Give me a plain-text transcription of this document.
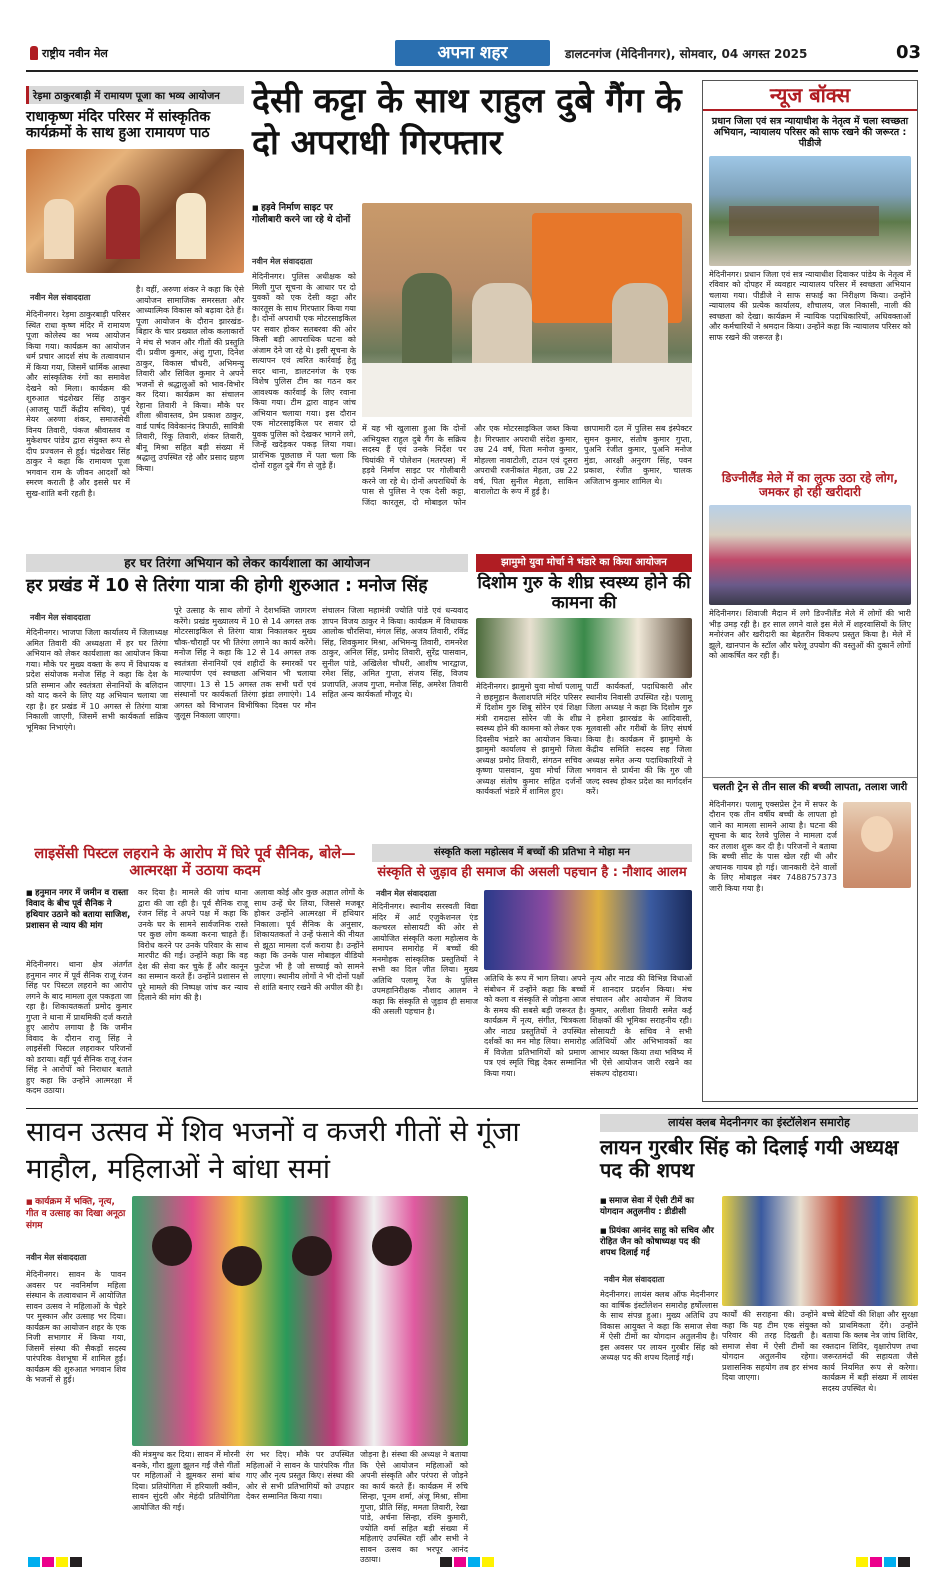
राष्ट्रीय नवीन मेल	अपना शहर	डालटनगंज (मेदिनीनगर), सोमवार, 04 अगस्त 2025	03
रेड़मा ठाकुरबाड़ी में रामायण पूजा का भव्य आयोजन
राधाकृष्ण मंदिर परिसर में सांस्कृतिक कार्यक्रमों के साथ हुआ रामायण पाठ
नवीन मेल संवाददाता
मेदिनीनगर। रेड़मा ठाकुरबाड़ी परिसर स्थित राधा कृष्ण मंदिर में रामायण पूजा कोलेस्य का भव्य आयोजन किया गया। कार्यक्रम का आयोजन धर्म प्रचार आदर्श संघ के तत्वावधान में किया गया, जिसमें धार्मिक आस्था और सांस्कृतिक रंगों का समावेश देखने को मिला। कार्यक्रम की शुरुआत चंद्रशेखर सिंह ठाकुर (आजसू पार्टी केंद्रीय सचिव), पूर्व मेयर अरुणा शंकर, समाजसेवी विनय तिवारी, पंकज श्रीवास्तव व मुकेशचर पांडेय द्वारा संयुक्त रूप से दीप प्रज्वलन से हुई। चंद्रशेखर सिंह ठाकुर ने कहा कि रामायण पूजा भगवान राम के जीवन आदर्शों को स्मरण कराती है और इससे घर में सुख-शांति बनी रहती है।
है। वहीं, अरुणा शंकर ने कहा कि ऐसे आयोजन सामाजिक समरसता और आध्यात्मिक विकास को बढ़ावा देते हैं। पूजा आयोजन के दौरान झारखंड-बिहार के चार प्रख्यात लोक कलाकारों ने मंच से भजन और गीतों की प्रस्तुति दी। प्रवीण कुमार, अंशु गुप्ता, दिनेश ठाकुर, विकास चौधरी, अभिमन्यु तिवारी और सिविल कुमार ने अपने भजनों से श्रद्धालुओं को भाव-विभोर कर दिया। कार्यक्रम का संचालन रेहाना तिवारी ने किया। मौके पर शीला श्रीवास्तव, प्रेम प्रकाश ठाकुर, वार्ड पार्षद विवेकानंद त्रिपाठी, सावित्री तिवारी, रिंकू तिवारी, शंकर तिवारी, बीनू मिश्रा सहित बड़ी संख्या में श्रद्धालु उपस्थित रहे और प्रसाद ग्रहण किया।
देसी कट्टा के साथ राहुल दुबे गैंग के दो अपराधी गिरफ्तार
■ हड़वे निर्माण साइट पर गोलीबारी करने जा रहे थे दोनों
नवीन मेल संवाददाता
मेदिनीनगर। पुलिस अधीक्षक को मिली गुप्त सूचना के आधार पर दो युवकों को एक देसी कट्टा और कारतूस के साथ गिरफ्तार किया गया है। दोनों अपराधी एक मोटरसाइकिल पर सवार होकर सतबरवा की ओर किसी बड़ी आपराधिक घटना को अंजाम देने जा रहे थे। इसी सूचना के सत्यापन एवं त्वरित कार्रवाई हेतु सदर थाना, डालटनगंज के एक विशेष पुलिस टीम का गठन कर आवश्यक कार्रवाई के लिए रवाना किया गया। टीम द्वारा वाहन जांच अभियान चलाया गया। इस दौरान एक मोटरसाइकिल पर सवार दो युवक पुलिस को देखकर भागने लगे, जिन्हें खदेड़कर पकड़ लिया गया। प्रारंभिक पूछताछ में पता चला कि दोनों राहुल दुबे गैंग से जुड़े हैं।
में यह भी खुलासा हुआ कि दोनों अभियुक्त राहुल दुबे गैंग के सक्रिय सदस्य हैं एवं उनके निर्देश पर चियांकी में पोलेशन (मतरपस) में हड़वे निर्माण साइट पर गोलीबारी करने जा रहे थे। दोनों अपराधियों के पास से पुलिस ने एक देसी कट्टा, जिंदा कारतूस, दो मोबाइल फोन और एक मोटरसाइकिल जब्त किया है। गिरफ्तार अपराधी संदेश कुमार, उम्र 24 वर्ष, पिता मनोज कुमार, मोहल्ला नावाटोली, टाउन एवं दूसरा अपराधी रजनीकांत मेहता, उम्र 22 वर्ष, पिता सुनील मेहता, साकिन बारालोटा के रूप में हुई है।
छापामारी दल में पुलिस सब इंस्पेक्टर सुमन कुमार, संतोष कुमार गुप्ता, पुअनि रंजीत कुमार, पुअनि मनोज मुंडा, आरक्षी अनुराग सिंह, पवन प्रकाश, रंजीत कुमार, चालक अजिताभ कुमार शामिल थे।
न्यूज बॉक्स
प्रधान जिला एवं सत्र न्यायाधीश के नेतृत्व में चला स्वच्छता अभियान, न्यायालय परिसर को साफ रखने की जरूरत : पीडीजे
मेदिनीनगर। प्रधान जिला एवं सत्र न्यायाधीश दिवाकर पांडेय के नेतृत्व में रविवार को दोपहर में व्यवहार न्यायालय परिसर में स्वच्छता अभियान चलाया गया। पीडीजे ने साफ सफाई का निरीक्षण किया। उन्होंने न्यायालय की प्रत्येक कार्यालय, शौचालय, जल निकासी, नाली की स्वच्छता को देखा। कार्यक्रम में न्यायिक पदाधिकारियों, अधिवक्ताओं और कर्मचारियों ने श्रमदान किया। उन्होंने कहा कि न्यायालय परिसर को साफ रखने की जरूरत है।
डिज्नीलैंड मेले में का लुत्फ उठा रहे लोग, जमकर हो रही खरीदारी
मेदिनीनगर। शिवाजी मैदान में लगे डिज्नीलैंड मेले में लोगों की भारी भीड़ उमड़ रही है। हर साल लगने वाले इस मेले में शहरवासियों के लिए मनोरंजन और खरीदारी का बेहतरीन विकल्प प्रस्तुत किया है। मेले में झूले, खानपान के स्टॉल और घरेलू उपयोग की वस्तुओं की दुकानें लोगों को आकर्षित कर रही हैं।
चलती ट्रेन से तीन साल की बच्ची लापता, तलाश जारी
मेदिनीनगर। पलामू एक्सप्रेस ट्रेन में सफर के दौरान एक तीन वर्षीय बच्ची के लापता हो जाने का मामला सामने आया है। घटना की सूचना के बाद रेलवे पुलिस ने मामला दर्ज कर तलाश शुरू कर दी है। परिजनों ने बताया कि बच्ची सीट के पास खेल रही थी और अचानक गायब हो गई। जानकारी देने वालों के लिए मोबाइल नंबर 7488757373 जारी किया गया है।
हर घर तिरंगा अभियान को लेकर कार्यशाला का आयोजन
हर प्रखंड में 10 से तिरंगा यात्रा की होगी शुरुआत : मनोज सिंह
नवीन मेल संवाददाता
मेदिनीनगर। भाजपा जिला कार्यालय में जिलाध्यक्ष अमित तिवारी की अध्यक्षता में हर घर तिरंगा अभियान को लेकर कार्यशाला का आयोजन किया गया। मौके पर मुख्य वक्ता के रूप में विधायक व प्रदेश संयोजक मनोज सिंह ने कहा कि देश के प्रति सम्मान और स्वतंत्रता सेनानियों के बलिदान को याद करने के लिए यह अभियान चलाया जा रहा है। हर प्रखंड में 10 अगस्त से तिरंगा यात्रा निकाली जाएगी, जिसमें सभी कार्यकर्ता सक्रिय भूमिका निभाएंगे।
पूरे उत्साह के साथ लोगों ने देशभक्ति जागरण करेंगे। प्रखंड मुख्यालय में 10 से 14 अगस्त तक मोटरसाइकिल से तिरंगा यात्रा निकालकर मुख्य चौक-चौराहों पर भी तिरंगा लगाने का कार्य करेंगे। मनोज सिंह ने कहा कि 12 से 14 अगस्त तक स्वतंत्रता सेनानियों एवं शहीदों के स्मारकों पर माल्यार्पण एवं स्वच्छता अभियान भी चलाया जाएगा। 13 से 15 अगस्त तक सभी घरों एवं संस्थानों पर कार्यकर्ता तिरंगा झंडा लगाएंगे। 14 अगस्त को विभाजन विभीषिका दिवस पर मौन जुलूस निकाला जाएगा।
संचालन जिला महामंत्री ज्योति पांडे एवं धन्यवाद ज्ञापन विजय ठाकुर ने किया। कार्यक्रम में विधायक आलोक चौरसिया, मंगल सिंह, अजय तिवारी, रविंद्र सिंह, शिवकुमार मिश्रा, अभिमन्यु तिवारी, रामनरेश ठाकुर, अनिल सिंह, प्रमोद तिवारी, सुरेंद्र पासवान, सुनील पांडे, अखिलेश चौधरी, आशीष भारद्वाज, रमेश सिंह, अमित गुप्ता, संजय सिंह, विजय प्रजापति, अजय गुप्ता, मनोज सिंह, अमरेश तिवारी सहित अन्य कार्यकर्ता मौजूद थे।
झामुमो युवा मोर्चा ने भंडारे का किया आयोजन
दिशोम गुरु के शीघ्र स्वस्थ्य होने की कामना की
मेदिनीनगर। झामुमो युवा मोर्चा पलामू ने छहमुहान कैलाशपति मंदिर परिसर में दिशोम गुरु शिबू सोरेन एवं शिक्षा मंत्री रामदास सोरेन जी के शीघ्र स्वस्थ्य होने की कामना को लेकर एक दिवसीय भंडारे का आयोजन किया। झामुमो कार्यालय से झामुमो जिला अध्यक्ष प्रमोद तिवारी, संगठन सचिव कृष्णा पासवान, युवा मोर्चा जिला अध्यक्ष संतोष कुमार सहित दर्जनों कार्यकर्ता भंडारे में शामिल हुए।
पार्टी कार्यकर्ता, पदाधिकारी और स्थानीय निवासी उपस्थित रहे। पलामू जिला अध्यक्ष ने कहा कि दिशोम गुरु ने हमेशा झारखंड के आदिवासी, मूलवासी और गरीबों के लिए संघर्ष किया है। कार्यक्रम में झामुमो के केंद्रीय समिति सदस्य सह जिला अध्यक्ष समेत अन्य पदाधिकारियों ने भगवान से प्रार्थना की कि गुरु जी जल्द स्वस्थ होकर प्रदेश का मार्गदर्शन करें।
लाइसेंसी पिस्टल लहराने के आरोप में घिरे पूर्व सैनिक, बोले— आत्मरक्षा में उठाया कदम
■ हनुमान नगर में जमीन व रास्ता विवाद के बीच पूर्व सैनिक ने हथियार उठाने को बताया साजिश, प्रशासन से न्याय की मांग
मेदिनीनगर। थाना क्षेत्र अंतर्गत हनुमान नगर में पूर्व सैनिक राजू रंजन सिंह पर पिस्टल लहराने का आरोप लगने के बाद मामला तूल पकड़ता जा रहा है। शिकायतकर्ता प्रमोद कुमार गुप्ता ने थाना में प्राथमिकी दर्ज कराते हुए आरोप लगाया है कि जमीन विवाद के दौरान राजू सिंह ने लाइसेंसी पिस्टल लहराकर परिजनों को डराया। वहीं पूर्व सैनिक राजू रंजन सिंह ने आरोपों को निराधार बताते हुए कहा कि उन्होंने आत्मरक्षा में कदम उठाया।
कर दिया है। मामले की जांच थाना द्वारा की जा रही है। पूर्व सैनिक राजू रंजन सिंह ने अपने पक्ष में कहा कि उनके घर के सामने सार्वजनिक रास्ते पर कुछ लोग कब्जा करना चाहते हैं। विरोध करने पर उनके परिवार के साथ मारपीट की गई। उन्होंने कहा कि वह देश की सेवा कर चुके हैं और कानून का सम्मान करते हैं। उन्होंने प्रशासन से पूरे मामले की निष्पक्ष जांच कर न्याय दिलाने की मांग की है।
अलावा कोई और कुछ अज्ञात लोगों के साथ उन्हें घेर लिया, जिससे मजबूर होकर उन्होंने आत्मरक्षा में हथियार निकाला। पूर्व सैनिक के अनुसार, शिकायतकर्ता ने उन्हें फंसाने की नीयत से झूठा मामला दर्ज कराया है। उन्होंने कहा कि उनके पास मोबाइल वीडियो फुटेज भी है जो सच्चाई को सामने लाएगा। स्थानीय लोगों ने भी दोनों पक्षों से शांति बनाए रखने की अपील की है।
संस्कृति कला महोत्सव में बच्चों की प्रतिभा ने मोहा मन
संस्कृति से जुड़ाव ही समाज की असली पहचान है : नौशाद आलम
नवीन मेल संवाददाता
मेदिनीनगर। स्थानीय सरस्वती विद्या मंदिर में आर्ट एजुकेशनल एंड कल्चरल सोसायटी की ओर से आयोजित संस्कृति कला महोत्सव के समापन समारोह में बच्चों की मनमोहक सांस्कृतिक प्रस्तुतियों ने सभी का दिल जीत लिया। मुख्य अतिथि पलामू रेंज के पुलिस उपमहानिरीक्षक नौशाद आलम ने कहा कि संस्कृति से जुड़ाव ही समाज की असली पहचान है।
अतिथि के रूप में भाग लिया। अपने संबोधन में उन्होंने कहा कि बच्चों को कला व संस्कृति से जोड़ना आज के समय की सबसे बड़ी जरूरत है। कार्यक्रम में नृत्य, संगीत, चित्रकला और नाट्य प्रस्तुतियों ने उपस्थित दर्शकों का मन मोह लिया। समारोह में विजेता प्रतिभागियों को प्रमाण पत्र एवं स्मृति चिह्न देकर सम्मानित किया गया।
नृत्य और नाट्य की विभिन्न विधाओं में शानदार प्रदर्शन किया। मंच संचालन और आयोजन में विजय कुमार, अलीशा तिवारी समेत कई शिक्षकों की भूमिका सराहनीय रही। सोसायटी के सचिव ने सभी अतिथियों और अभिभावकों का आभार व्यक्त किया तथा भविष्य में भी ऐसे आयोजन जारी रखने का संकल्प दोहराया।
सावन उत्सव में शिव भजनों व कजरी गीतों से गूंजा माहौल, महिलाओं ने बांधा समां
■ कार्यक्रम में भक्ति, नृत्य, गीत व उत्साह का दिखा अनूठा संगम
नवीन मेल संवाददाता
मेदिनीनगर। सावन के पावन अवसर पर नवनिर्माण महिला संस्थान के तत्वावधान में आयोजित सावन उत्सव ने महिलाओं के चेहरे पर मुस्कान और उत्साह भर दिया। कार्यक्रम का आयोजन शहर के एक निजी सभागार में किया गया, जिसमें संस्था की सैकड़ों सदस्य पारंपरिक वेशभूषा में शामिल हुईं। कार्यक्रम की शुरुआत भगवान शिव के भजनों से हुई।
की मंत्रमुग्ध कर दिया। सावन में मोरनी बनके, गौरा झूला झूलन गईं जैसे गीतों पर महिलाओं ने झूमकर समां बांध दिया। प्रतियोगिता में हरियाली क्वीन, सावन सुंदरी और मेहंदी प्रतियोगिता आयोजित की गई।
रंग भर दिए। मौके पर उपस्थित महिलाओं ने सावन के पारंपरिक गीत गाए और नृत्य प्रस्तुत किए। संस्था की ओर से सभी प्रतिभागियों को उपहार देकर सम्मानित किया गया।
जोड़ना है। संस्था की अध्यक्ष ने बताया कि ऐसे आयोजन महिलाओं को अपनी संस्कृति और परंपरा से जोड़ने का कार्य करते हैं। कार्यक्रम में रुचि सिन्हा, पूनम शर्मा, अंजू मिश्रा, सीमा गुप्ता, प्रीति सिंह, ममता तिवारी, रेखा पांडे, अर्चना सिन्हा, रश्मि कुमारी, ज्योति वर्मा सहित बड़ी संख्या में महिलाएं उपस्थित रहीं और सभी ने सावन उत्सव का भरपूर आनंद उठाया।
लायंस क्लब मेदनीनगर का इंस्टॉलेशन समारोह
लायन गुरबीर सिंह को दिलाई गयी अध्यक्ष पद की शपथ
■ समाज सेवा में ऐसी टीमें का योगदान अतुलनीय : डीडीसी
■ प्रियंका आनंद साहू को सचिव और रोहित जैन को कोषाध्यक्ष पद की शपथ दिलाई गई
नवीन मेल संवाददाता
मेदनीनगर। लायंस क्लब ऑफ मेदनीनगर का वार्षिक इंस्टॉलेशन समारोह हर्षोल्लास के साथ संपन्न हुआ। मुख्य अतिथि उप विकास आयुक्त ने कहा कि समाज सेवा में ऐसी टीमों का योगदान अतुलनीय है। इस अवसर पर लायन गुरबीर सिंह को अध्यक्ष पद की शपथ दिलाई गई।
कार्यों की सराहना की। उन्होंने कहा कि यह टीम एक संयुक्त परिवार की तरह दिखती है। समाज सेवा में ऐसी टीमों का योगदान अतुलनीय रहेगा। प्रशासनिक सहयोग तब हर संभव दिया जाएगा।
बच्चे बेटियों की शिक्षा और सुरक्षा को प्राथमिकता देंगे। उन्होंने बताया कि क्लब नेत्र जांच शिविर, रक्तदान शिविर, वृक्षारोपण तथा जरूरतमंदों की सहायता जैसे कार्य नियमित रूप से करेगा। कार्यक्रम में बड़ी संख्या में लायंस सदस्य उपस्थित थे।
